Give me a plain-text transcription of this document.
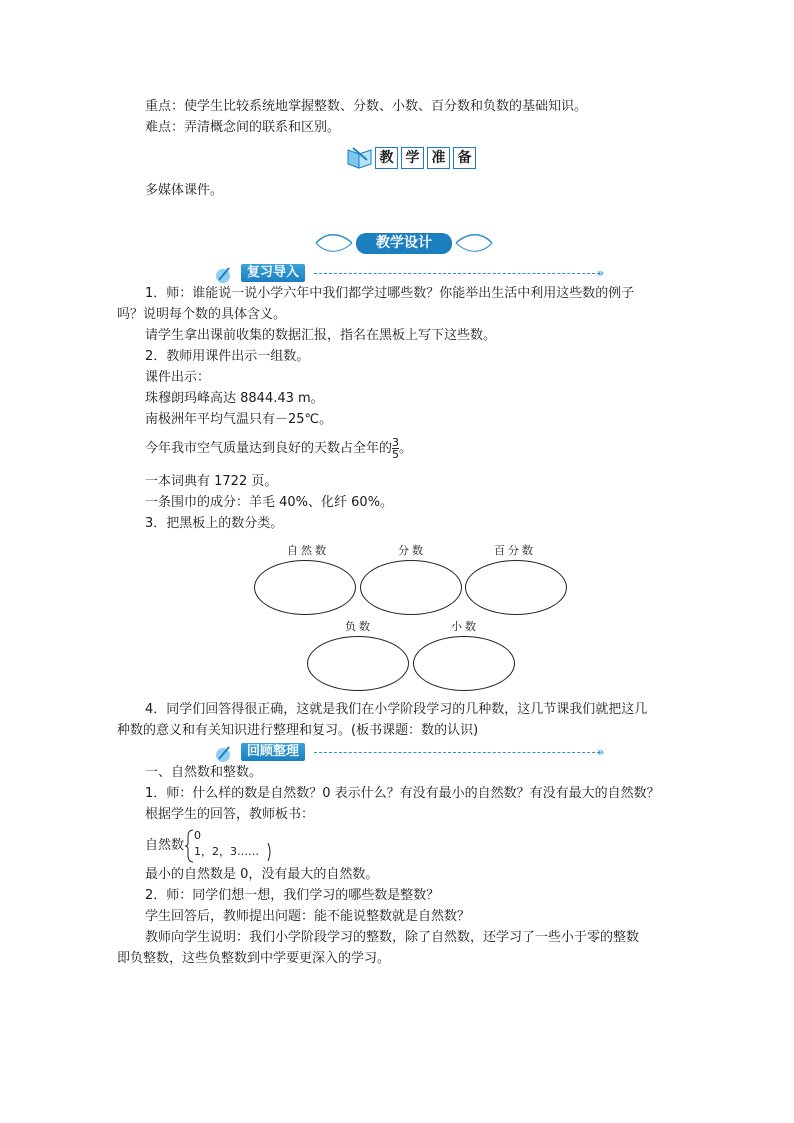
重点：使学生比较系统地掌握整数、分数、小数、百分数和负数的基础知识。
难点：弄清概念间的联系和区别。
教 学 准 备
多媒体课件。
教学设计
复习导入	»
1．师：谁能说一说小学六年中我们都学过哪些数？你能举出生活中利用这些数的例子
吗？说明每个数的具体含义。
请学生拿出课前收集的数据汇报，指名在黑板上写下这些数。
2．教师用课件出示一组数。
课件出示：
珠穆朗玛峰高达 8844.43 m。
南极洲年平均气温只有－25℃。
今年我市空气质量达到良好的天数占全年的 $\frac{3}{5}$ 。
一本词典有 1722 页。
一条围巾的成分：羊毛 40%、化纤 60%。
3．把黑板上的数分类。
自然数	分数	百分数
负数	小数
4．同学们回答得很正确，这就是我们在小学阶段学习的几种数，这几节课我们就把这几
种数的意义和有关知识进行整理和复习。(板书课题：数的认识)
回顾整理	»
一、自然数和整数。
1．师：什么样的数是自然数？0 表示什么？有没有最小的自然数？有没有最大的自然数？
根据学生的回答，教师板书：
自然数
0
1，2，3……
最小的自然数是 0，没有最大的自然数。
2．师：同学们想一想，我们学习的哪些数是整数？
学生回答后，教师提出问题：能不能说整数就是自然数？
教师向学生说明：我们小学阶段学习的整数，除了自然数，还学习了一些小于零的整数
即负整数，这些负整数到中学要更深入的学习。
